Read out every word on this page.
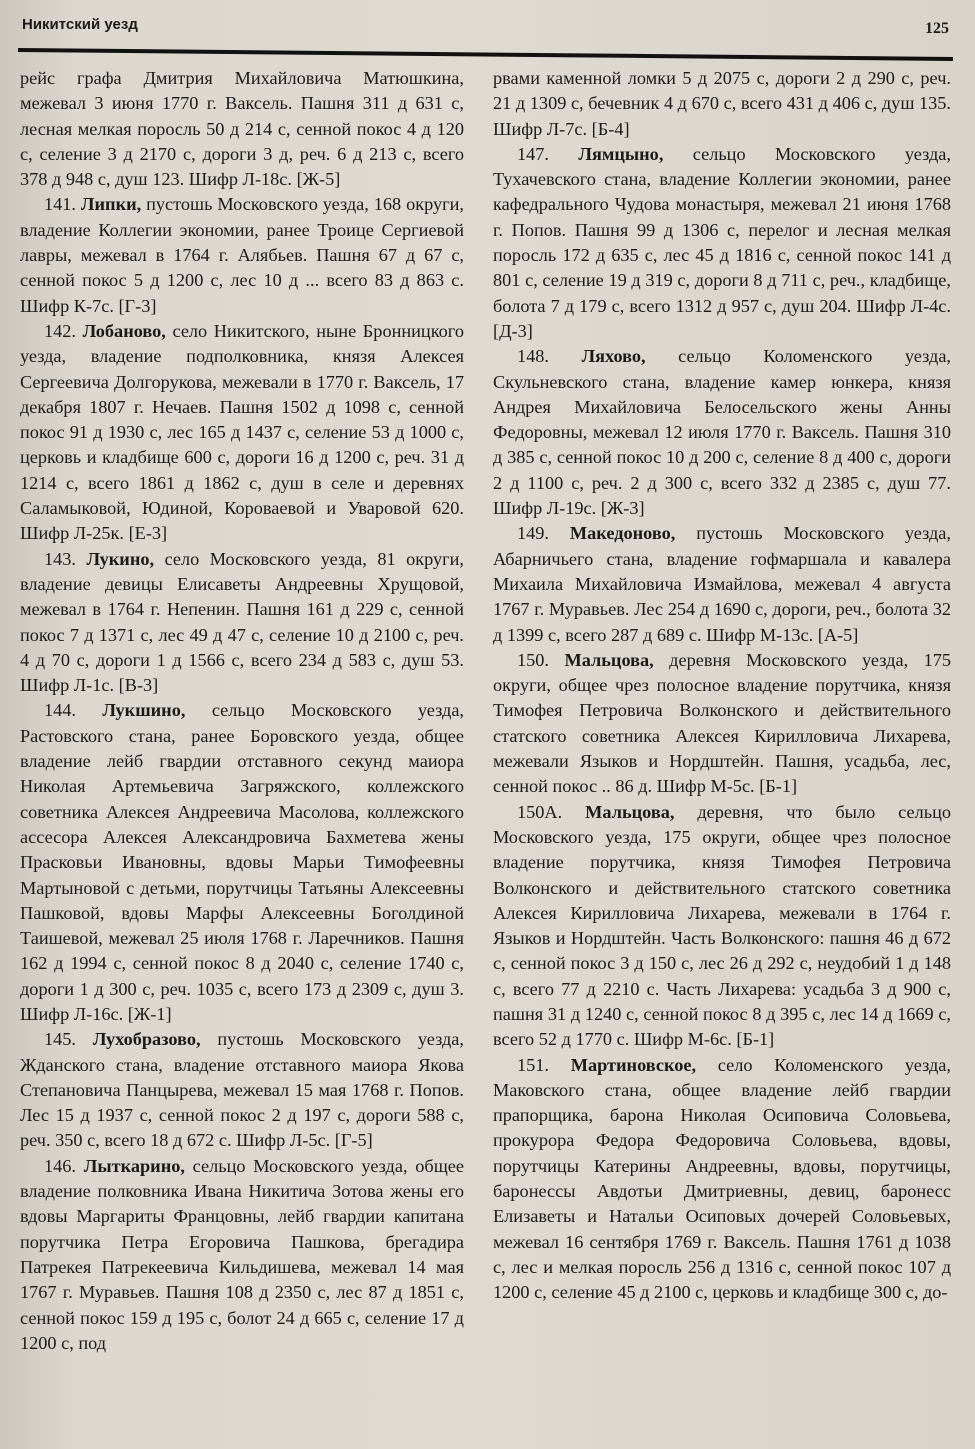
Никитский уезд	125

рейс графа Дмитрия Михайловича Матюшкина, межевал 3 июня 1770 г. Ваксель. Пашня 311 д 631 с, лесная мелкая поросль 50 д 214 с, сенной покос 4 д 120 с, селение 3 д 2170 с, дороги 3 д, реч. 6 д 213 с, всего 378 д 948 с, душ 123. Шифр Л-18с. [Ж-5]

141. Липки, пустошь Московского уезда, 168 округи, владение Коллегии экономии, ранее Троице Сергиевой лавры, межевал в 1764 г. Алябьев. Пашня 67 д 67 с, сенной покос 5 д 1200 с, лес 10 д ... всего 83 д 863 с. Шифр К-7с. [Г-3]

142. Лобаново, село Никитского, ныне Бронницкого уезда, владение подполковника, князя Алексея Сергеевича Долгорукова, межевали в 1770 г. Ваксель, 17 декабря 1807 г. Нечаев. Пашня 1502 д 1098 с, сенной покос 91 д 1930 с, лес 165 д 1437 с, селение 53 д 1000 с, церковь и кладбище 600 с, дороги 16 д 1200 с, реч. 31 д 1214 с, всего 1861 д 1862 с, душ в селе и деревнях Саламыковой, Юдиной, Короваевой и Уваровой 620. Шифр Л-25к. [Е-3]

143. Лукино, село Московского уезда, 81 округи, владение девицы Елисаветы Андреевны Хрущовой, межевал в 1764 г. Непенин. Пашня 161 д 229 с, сенной покос 7 д 1371 с, лес 49 д 47 с, селение 10 д 2100 с, реч. 4 д 70 с, дороги 1 д 1566 с, всего 234 д 583 с, душ 53. Шифр Л-1с. [В-3]

144. Лукшино, сельцо Московского уезда, Растовского стана, ранее Боровского уезда, общее владение лейб гвардии отставного секунд маиора Николая Артемьевича Загряжского, коллежского советника Алексея Андреевича Масолова, коллежского ассесора Алексея Александровича Бахметева жены Прасковьи Ивановны, вдовы Марьи Тимофеевны Мартыновой с детьми, порутчицы Татьяны Алексеевны Пашковой, вдовы Марфы Алексеевны Боголдиной Таишевой, межевал 25 июля 1768 г. Ларечников. Пашня 162 д 1994 с, сенной покос 8 д 2040 с, селение 1740 с, дороги 1 д 300 с, реч. 1035 с, всего 173 д 2309 с, душ 3. Шифр Л-16с. [Ж-1]

145. Лухобразово, пустошь Московского уезда, Жданского стана, владение отставного маиора Якова Степановича Панцырева, межевал 15 мая 1768 г. Попов. Лес 15 д 1937 с, сенной покос 2 д 197 с, дороги 588 с, реч. 350 с, всего 18 д 672 с. Шифр Л-5с. [Г-5]

146. Лыткарино, сельцо Московского уезда, общее владение полковника Ивана Никитича Зотова жены его вдовы Маргариты Францовны, лейб гвардии капитана порутчика Петра Егоровича Пашкова, брегадира Патрекея Патрекеевича Кильдишева, межевал 14 мая 1767 г. Муравьев. Пашня 108 д 2350 с, лес 87 д 1851 с, сенной покос 159 д 195 с, болот 24 д 665 с, селение 17 д 1200 с, под

рвами каменной ломки 5 д 2075 с, дороги 2 д 290 с, реч. 21 д 1309 с, бечевник 4 д 670 с, всего 431 д 406 с, душ 135. Шифр Л-7с. [Б-4]

147. Лямцыно, сельцо Московского уезда, Тухачевского стана, владение Коллегии экономии, ранее кафедрального Чудова монастыря, межевал 21 июня 1768 г. Попов. Пашня 99 д 1306 с, перелог и лесная мелкая поросль 172 д 635 с, лес 45 д 1816 с, сенной покос 141 д 801 с, селение 19 д 319 с, дороги 8 д 711 с, реч., кладбище, болота 7 д 179 с, всего 1312 д 957 с, душ 204. Шифр Л-4с. [Д-3]

148. Ляхово, сельцо Коломенского уезда, Скульневского стана, владение камер юнкера, князя Андрея Михайловича Белосельского жены Анны Федоровны, межевал 12 июля 1770 г. Ваксель. Пашня 310 д 385 с, сенной покос 10 д 200 с, селение 8 д 400 с, дороги 2 д 1100 с, реч. 2 д 300 с, всего 332 д 2385 с, душ 77. Шифр Л-19с. [Ж-3]

149. Македоново, пустошь Московского уезда, Абарничьего стана, владение гофмаршала и кавалера Михаила Михайловича Измайлова, межевал 4 августа 1767 г. Муравьев. Лес 254 д 1690 с, дороги, реч., болота 32 д 1399 с, всего 287 д 689 с. Шифр М-13с. [А-5]

150. Мальцова, деревня Московского уезда, 175 округи, общее чрез полосное владение порутчика, князя Тимофея Петровича Волконского и действительного статского советника Алексея Кирилловича Лихарева, межевали Языков и Нордштейн. Пашня, усадьба, лес, сенной покос .. 86 д. Шифр М-5с. [Б-1]

150А. Мальцова, деревня, что было сельцо Московского уезда, 175 округи, общее чрез полосное владение порутчика, князя Тимофея Петровича Волконского и действительного статского советника Алексея Кирилловича Лихарева, межевали в 1764 г. Языков и Нордштейн. Часть Волконского: пашня 46 д 672 с, сенной покос 3 д 150 с, лес 26 д 292 с, неудобий 1 д 148 с, всего 77 д 2210 с. Часть Лихарева: усадьба 3 д 900 с, пашня 31 д 1240 с, сенной покос 8 д 395 с, лес 14 д 1669 с, всего 52 д 1770 с. Шифр М-6с. [Б-1]

151. Мартиновское, село Коломенского уезда, Маковского стана, общее владение лейб гвардии прапорщика, барона Николая Осиповича Соловьева, прокурора Федора Федоровича Соловьева, вдовы, порутчицы Катерины Андреевны, вдовы, порутчицы, баронессы Авдотьи Дмитриевны, девиц, баронесс Елизаветы и Натальи Осиповых дочерей Соловьевых, межевал 16 сентября 1769 г. Ваксель. Пашня 1761 д 1038 с, лес и мелкая поросль 256 д 1316 с, сенной покос 107 д 1200 с, селение 45 д 2100 с, церковь и кладбище 300 с, до-
